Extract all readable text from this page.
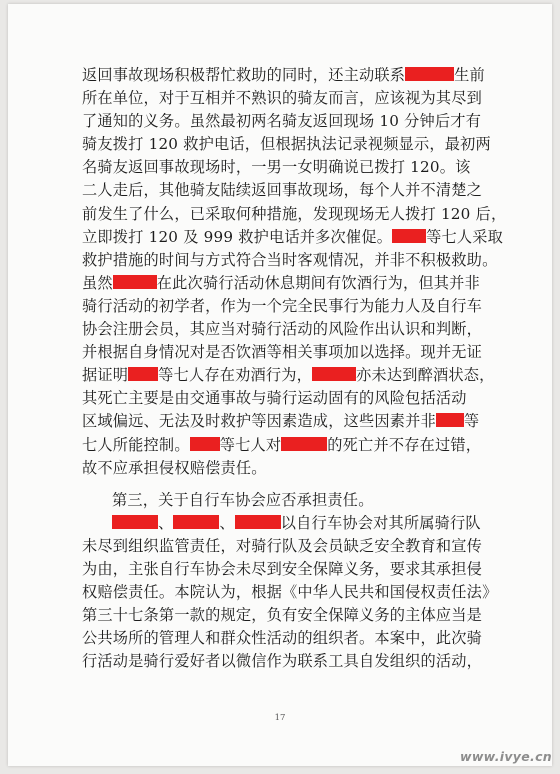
返回事故现场积极帮忙救助的同时，还主动联系	生前
所在单位，对于互相并不熟识的骑友而言，应该视为其尽到
了通知的义务。虽然最初两名骑友返回现场 10 分钟后才有
骑友拨打 120 救护电话，但根据执法记录视频显示，最初两
名骑友返回事故现场时，一男一女明确说已拨打 120。该
二人走后，其他骑友陆续返回事故现场，每个人并不清楚之
前发生了什么，已采取何种措施，发现现场无人拨打 120 后，
立即拨打 120 及 999 救护电话并多次催促。 等七人采取
救护措施的时间与方式符合当时客观情况，并非不积极救助。
虽然	在此次骑行活动休息期间有饮酒行为，但其并非
骑行活动的初学者，作为一个完全民事行为能力人及自行车
协会注册会员，其应当对骑行活动的风险作出认识和判断，
并根据自身情况对是否饮酒等相关事项加以选择。现并无证
据证明 等七人存在劝酒行为，	亦未达到醉酒状态，
其死亡主要是由交通事故与骑行运动固有的风险包括活动
区域偏远、无法及时救护等因素造成，这些因素并非 等
七人所能控制。 等七人对	的死亡并不存在过错，
故不应承担侵权赔偿责任。
第三，关于自行车协会应否承担责任。
、	、	以自行车协会对其所属骑行队
未尽到组织监管责任，对骑行队及会员缺乏安全教育和宣传
为由，主张自行车协会未尽到安全保障义务，要求其承担侵
权赔偿责任。本院认为，根据《中华人民共和国侵权责任法》
第三十七条第一款的规定，负有安全保障义务的主体应当是
公共场所的管理人和群众性活动的组织者。本案中，此次骑
行活动是骑行爱好者以微信作为联系工具自发组织的活动，
17
www.ivye.cn
